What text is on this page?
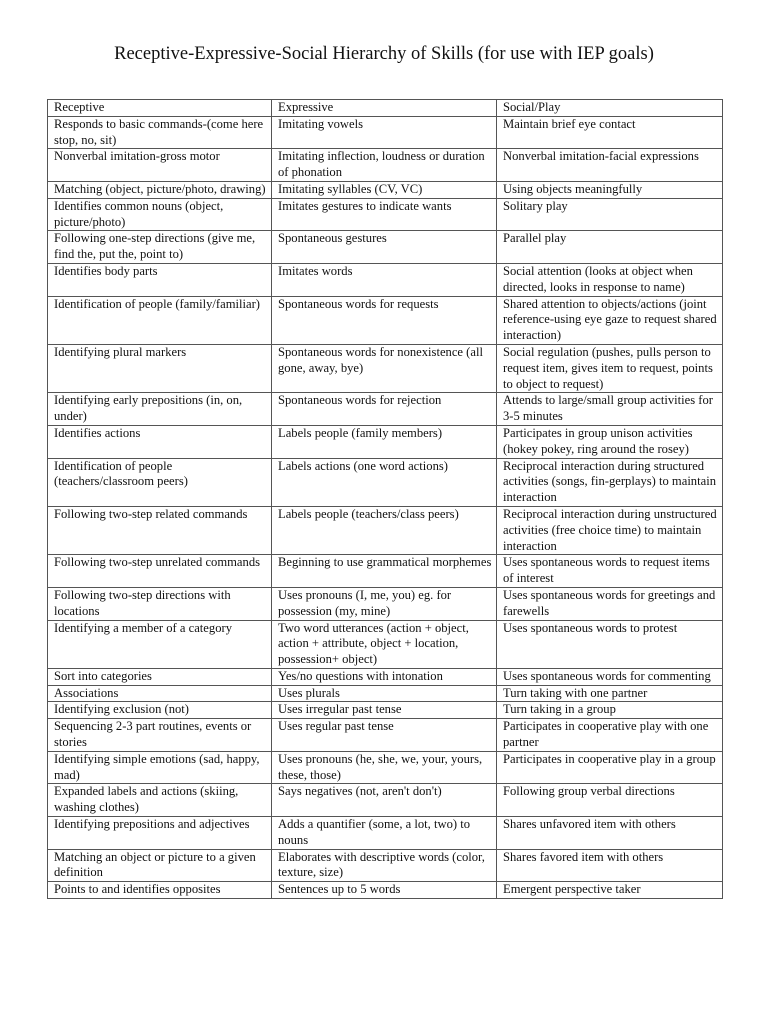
Receptive-Expressive-Social Hierarchy of Skills (for use with IEP goals)
Receptive	Expressive	Social/Play
Responds to basic commands-(come here stop, no, sit)	Imitating vowels	Maintain brief eye contact
Nonverbal imitation-gross motor	Imitating inflection, loudness or duration of phonation	Nonverbal imitation-facial expressions
Matching (object, picture/photo, drawing)	Imitating syllables (CV, VC)	Using objects meaningfully
Identifies common nouns (object, picture/photo)	Imitates gestures to indicate wants	Solitary play
Following one-step directions (give me, find the, put the, point to)	Spontaneous gestures	Parallel play
Identifies body parts	Imitates words	Social attention (looks at object when directed, looks in response to name)
Identification of people (family/familiar)	Spontaneous words for requests	Shared attention to objects/actions (joint reference-using eye gaze to request shared interaction)
Identifying plural markers	Spontaneous words for nonexistence (all gone, away, bye)	Social regulation (pushes, pulls person to request item, gives item to request, points to object to request)
Identifying early prepositions (in, on, under)	Spontaneous words for rejection	Attends to large/small group activities for 3-5 minutes
Identifies actions	Labels people (family members)	Participates in group unison activities (hokey pokey, ring around the rosey)
Identification of people (teachers/classroom peers)	Labels actions (one word actions)	Reciprocal interaction during structured activities (songs, fin-gerplays) to maintain interaction
Following two-step related commands	Labels people (teachers/class peers)	Reciprocal interaction during unstructured activities (free choice time) to maintain interaction
Following two-step unrelated commands	Beginning to use grammatical morphemes	Uses spontaneous words to request items of interest
Following two-step directions with locations	Uses pronouns (I, me, you) eg. for possession (my, mine)	Uses spontaneous words for greetings and farewells
Identifying a member of a category	Two word utterances (action + object, action + attribute, object + location, possession+ object)	Uses spontaneous words to protest
Sort into categories	Yes/no questions with intonation	Uses spontaneous words for commenting
Associations	Uses plurals	Turn taking with one partner
Identifying exclusion (not)	Uses irregular past tense	Turn taking in a group
Sequencing 2-3 part routines, events or stories	Uses regular past tense	Participates in cooperative play with one partner
Identifying simple emotions (sad, happy, mad)	Uses pronouns (he, she, we, your, yours, these, those)	Participates in cooperative play in a group
Expanded labels and actions (skiing, washing clothes)	Says negatives (not, aren't don't)	Following group verbal directions
Identifying prepositions and adjectives	Adds a quantifier (some, a lot, two) to nouns	Shares unfavored item with others
Matching an object or picture to a given definition	Elaborates with descriptive words (color, texture, size)	Shares favored item with others
Points to and identifies opposites	Sentences up to 5 words	Emergent perspective taker
